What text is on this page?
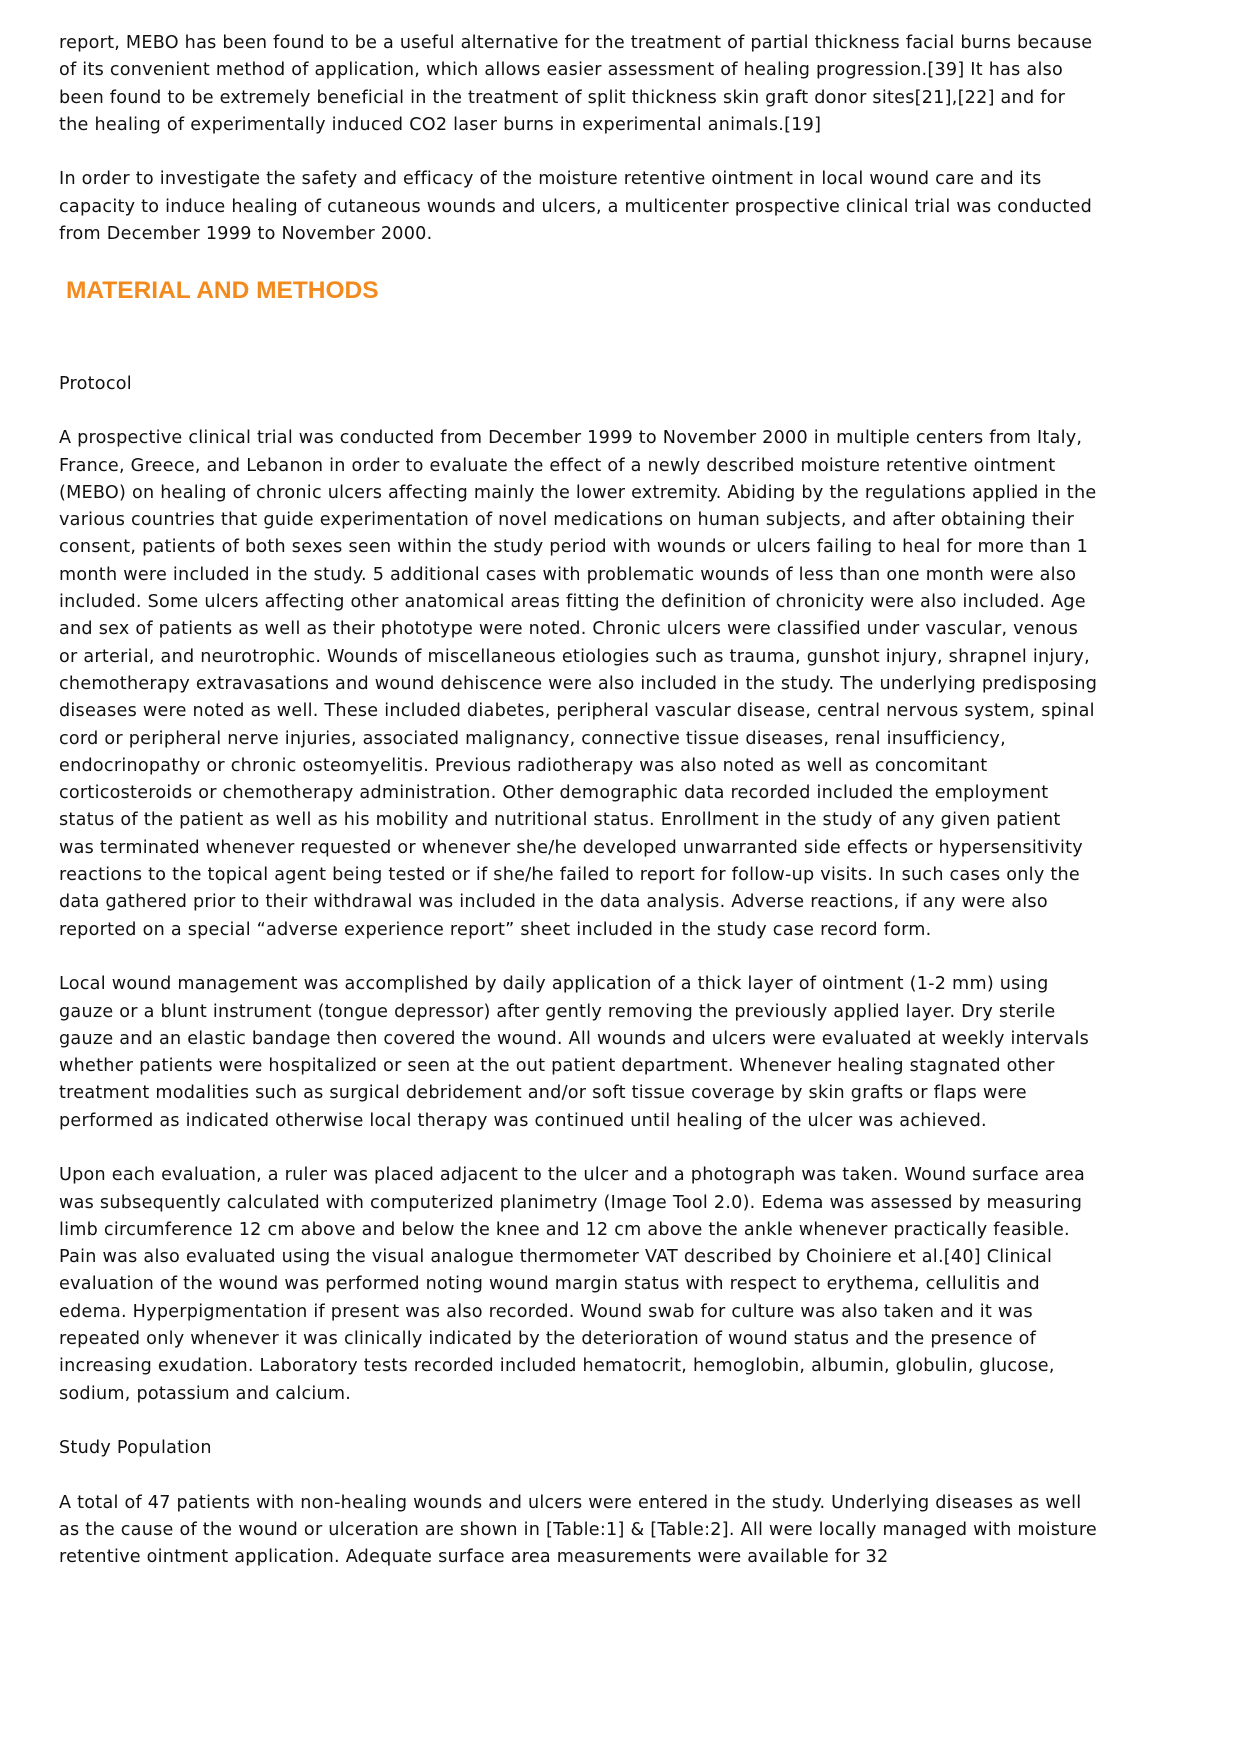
report, MEBO has been found to be a useful alternative for the treatment of partial thickness facial burns because of its convenient method of application, which allows easier assessment of healing progression.[39] It has also been found to be extremely beneficial in the treatment of split thickness skin graft donor sites[21],[22] and for the healing of experimentally induced CO2 laser burns in experimental animals.[19]

In order to investigate the safety and efficacy of the moisture retentive ointment in local wound care and its capacity to induce healing of cutaneous wounds and ulcers, a multicenter prospective clinical trial was conducted from December 1999 to November 2000.

MATERIAL AND METHODS

Protocol

A prospective clinical trial was conducted from December 1999 to November 2000 in multiple centers from Italy, France, Greece, and Lebanon in order to evaluate the effect of a newly described moisture retentive ointment (MEBO) on healing of chronic ulcers affecting mainly the lower extremity. Abiding by the regulations applied in the various countries that guide experimentation of novel medications on human subjects, and after obtaining their consent, patients of both sexes seen within the study period with wounds or ulcers failing to heal for more than 1 month were included in the study. 5 additional cases with problematic wounds of less than one month were also included. Some ulcers affecting other anatomical areas fitting the definition of chronicity were also included. Age and sex of patients as well as their phototype were noted. Chronic ulcers were classified under vascular, venous or arterial, and neurotrophic. Wounds of miscellaneous etiologies such as trauma, gunshot injury, shrapnel injury, chemotherapy extravasations and wound dehiscence were also included in the study. The underlying predisposing diseases were noted as well. These included diabetes, peripheral vascular disease, central nervous system, spinal cord or peripheral nerve injuries, associated malignancy, connective tissue diseases, renal insufficiency, endocrinopathy or chronic osteomyelitis. Previous radiotherapy was also noted as well as concomitant corticosteroids or chemotherapy administration. Other demographic data recorded included the employment status of the patient as well as his mobility and nutritional status. Enrollment in the study of any given patient was terminated whenever requested or whenever she/he developed unwarranted side effects or hypersensitivity reactions to the topical agent being tested or if she/he failed to report for follow-up visits. In such cases only the data gathered prior to their withdrawal was included in the data analysis. Adverse reactions, if any were also reported on a special “adverse experience report” sheet included in the study case record form.

Local wound management was accomplished by daily application of a thick layer of ointment (1-2 mm) using gauze or a blunt instrument (tongue depressor) after gently removing the previously applied layer. Dry sterile gauze and an elastic bandage then covered the wound. All wounds and ulcers were evaluated at weekly intervals whether patients were hospitalized or seen at the out patient department. Whenever healing stagnated other treatment modalities such as surgical debridement and/or soft tissue coverage by skin grafts or flaps were performed as indicated otherwise local therapy was continued until healing of the ulcer was achieved.

Upon each evaluation, a ruler was placed adjacent to the ulcer and a photograph was taken. Wound surface area was subsequently calculated with computerized planimetry (Image Tool 2.0). Edema was assessed by measuring limb circumference 12 cm above and below the knee and 12 cm above the ankle whenever practically feasible. Pain was also evaluated using the visual analogue thermometer VAT described by Choiniere et al.[40] Clinical evaluation of the wound was performed noting wound margin status with respect to erythema, cellulitis and edema. Hyperpigmentation if present was also recorded. Wound swab for culture was also taken and it was repeated only whenever it was clinically indicated by the deterioration of wound status and the presence of increasing exudation. Laboratory tests recorded included hematocrit, hemoglobin, albumin, globulin, glucose, sodium, potassium and calcium.

Study Population

A total of 47 patients with non-healing wounds and ulcers were entered in the study. Underlying diseases as well as the cause of the wound or ulceration are shown in [Table:1] & [Table:2]. All were locally managed with moisture retentive ointment application. Adequate surface area measurements were available for 32
